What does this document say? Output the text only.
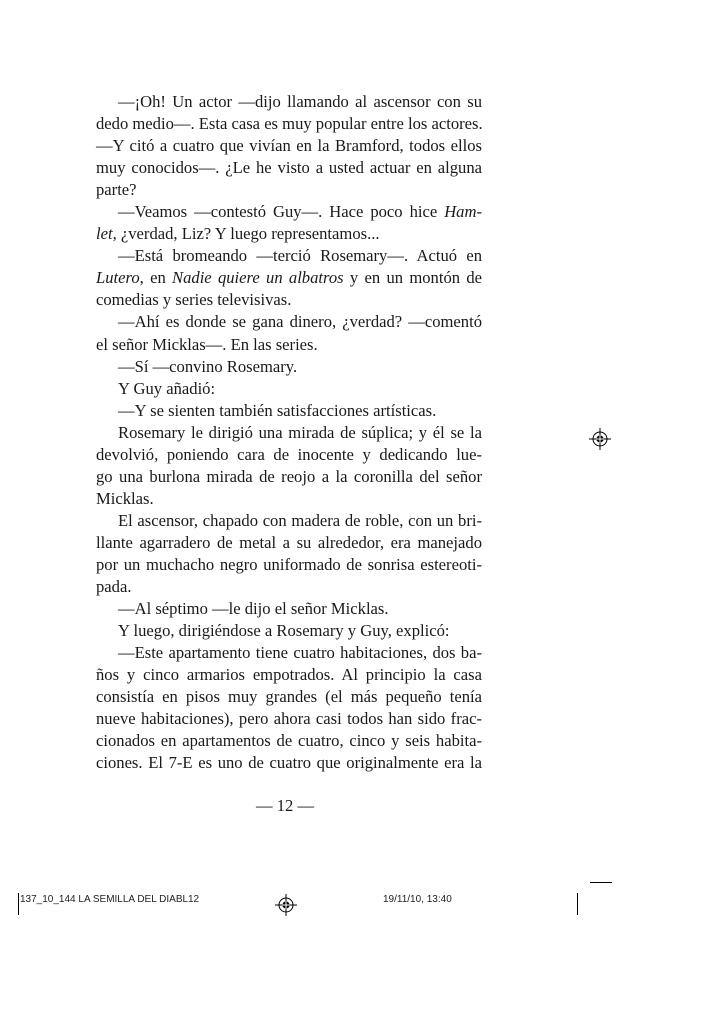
—¡Oh! Un actor —dijo llamando al ascensor con su
dedo medio—. Esta casa es muy popular entre los actores.
—Y citó a cuatro que vivían en la Bramford, todos ellos
muy conocidos—. ¿Le he visto a usted actuar en alguna
parte?
—Veamos —contestó Guy—. Hace poco hice Ham-
let, ¿verdad, Liz? Y luego representamos...
—Está bromeando —terció Rosemary—. Actuó en
Lutero, en Nadie quiere un albatros y en un montón de
comedias y series televisivas.
—Ahí es donde se gana dinero, ¿verdad? —comentó
el señor Micklas—. En las series.
—Sí —convino Rosemary.
Y Guy añadió:
—Y se sienten también satisfacciones artísticas.
Rosemary le dirigió una mirada de súplica; y él se la
devolvió, poniendo cara de inocente y dedicando lue-
go una burlona mirada de reojo a la coronilla del señor
Micklas.
El ascensor, chapado con madera de roble, con un bri-
llante agarradero de metal a su alrededor, era manejado
por un muchacho negro uniformado de sonrisa estereoti-
pada.
—Al séptimo —le dijo el señor Micklas.
Y luego, dirigiéndose a Rosemary y Guy, explicó:
—Este apartamento tiene cuatro habitaciones, dos ba-
ños y cinco armarios empotrados. Al principio la casa
consistía en pisos muy grandes (el más pequeño tenía
nueve habitaciones), pero ahora casi todos han sido frac-
cionados en apartamentos de cuatro, cinco y seis habita-
ciones. El 7-E es uno de cuatro que originalmente era la
— 12 —
137_10_144 LA SEMILLA DEL DIABL 12	19/11/10, 13:40
